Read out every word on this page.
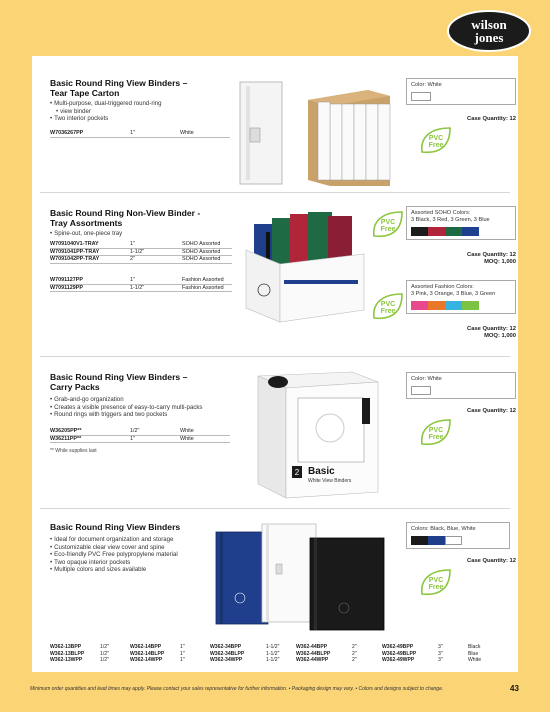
wilson
jones
Basic Round Ring View Binders –
Tear Tape Carton
• Multi-purpose, dual-triggered round-ring
• view binder
• Two interior pockets
W7036267PP	1"	White
Color: White
Case Quantity: 12
PVC
Free
Basic Round Ring Non-View Binder -
Tray Assortments
• Spine-out, one-piece tray
W7091040V1-TRAY	1"	SOHO Assorted
W7091041PP-TRAY	1-1/2"	SOHO Assorted
W7091042PP-TRAY	2"	SOHO Assorted
W7091127PP	1"	Fashion Assorted
W7091129PP	1-1/2"	Fashion Assorted
PVC
Free
PVC
Free
Assorted SOHO Colors:
3 Black, 3 Red, 3 Green, 3 Blue
Case Quantity: 12
MOQ: 1,000
Assorted Fashion Colors:
3 Pink, 3 Orange, 3 Blue, 3 Green
Case Quantity: 12
MOQ: 1,000
Basic Round Ring View Binders –
Carry Packs
• Grab-and-go organization
• Creates a visible presence of easy-to-carry multi-packs
• Round rings with triggers and two pockets
W36205PP**	1/2"	White
W36211PP**	1"	White
** While supplies last
2 Basic
White View Binders
Color: White
Case Quantity: 12
PVC
Free
Basic Round Ring View Binders
• Ideal for document organization and storage
• Customizable clear view cover and spine
• Eco-friendly PVC Free polypropylene material
• Two opaque interior pockets
• Multiple colors and sizes available
Colors: Black, Blue, White
Case Quantity: 12
PVC
Free
W362-13BPP	1/2"	W362-14BPP	1"	W362-34BPP	1-1/2"	W362-44BPP	2"	W362-49BPP	3"	Black
W362-13BLPP	1/2"	W362-14BLPP	1"	W362-34BLPP	1-1/2"	W362-44BLPP	2"	W362-49BLPP	3"	Blue
W362-13WPP	1/2"	W362-14WPP	1"	W362-34WPP	1-1/2"	W362-44WPP	2"	W362-49WPP	3"	White
Minimum order quantities and lead times may apply. Please contact your sales representative for further information. • Packaging design may vary. • Colors and designs subject to change.	43
